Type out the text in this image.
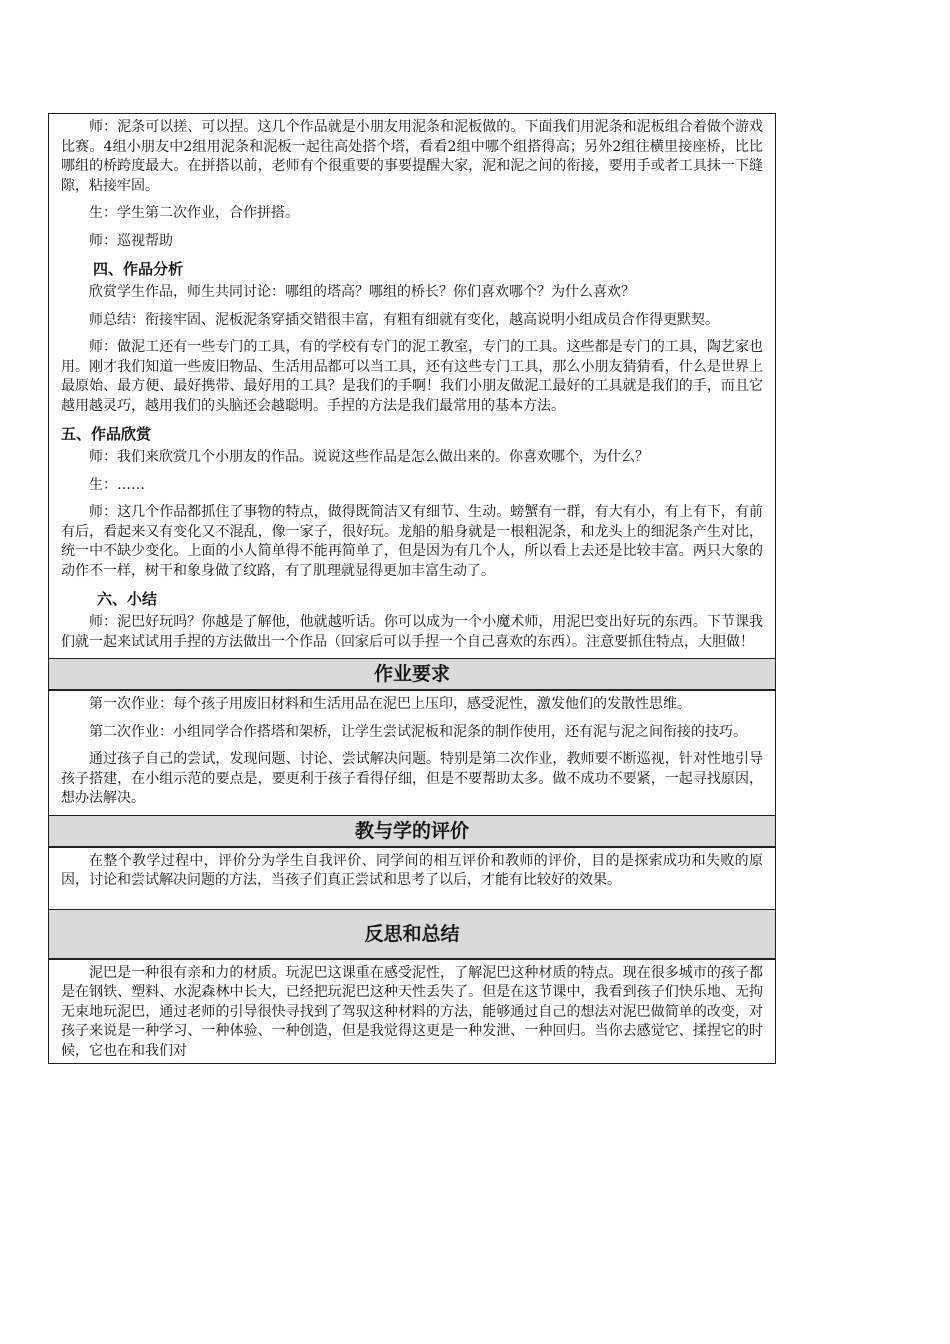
师：泥条可以搓、可以捏。这几个作品就是小朋友用泥条和泥板做的。下面我们用泥条和泥板组合着做个游戏比赛。4组小朋友中2组用泥条和泥板一起往高处搭个塔，看看2组中哪个组搭得高；另外2组往横里接座桥，比比哪组的桥跨度最大。在拼搭以前，老师有个很重要的事要提醒大家，泥和泥之间的衔接，要用手或者工具抹一下缝隙，粘接牢固。

生：学生第二次作业，合作拼搭。

师：巡视帮助

四、作品分析

欣赏学生作品，师生共同讨论：哪组的塔高？哪组的桥长？你们喜欢哪个？为什么喜欢？

师总结：衔接牢固、泥板泥条穿插交错很丰富，有粗有细就有变化，越高说明小组成员合作得更默契。

师：做泥工还有一些专门的工具，有的学校有专门的泥工教室，专门的工具。这些都是专门的工具，陶艺家也用。刚才我们知道一些废旧物品、生活用品都可以当工具，还有这些专门工具，那么小朋友猜猜看，什么是世界上最原始、最方便、最好携带、最好用的工具？是我们的手啊！我们小朋友做泥工最好的工具就是我们的手，而且它越用越灵巧，越用我们的头脑还会越聪明。手捏的方法是我们最常用的基本方法。

五、作品欣赏

师：我们来欣赏几个小朋友的作品。说说这些作品是怎么做出来的。你喜欢哪个，为什么？

生：……

师：这几个作品都抓住了事物的特点，做得既简洁又有细节、生动。螃蟹有一群，有大有小，有上有下，有前有后，看起来又有变化又不混乱，像一家子，很好玩。龙船的船身就是一根粗泥条，和龙头上的细泥条产生对比，统一中不缺少变化。上面的小人简单得不能再简单了，但是因为有几个人，所以看上去还是比较丰富。两只大象的动作不一样，树干和象身做了纹路，有了肌理就显得更加丰富生动了。

六、小结

师：泥巴好玩吗？你越是了解他，他就越听话。你可以成为一个小魔术师，用泥巴变出好玩的东西。下节课我们就一起来试试用手捏的方法做出一个作品（回家后可以手捏一个自己喜欢的东西）。注意要抓住特点，大胆做！

作业要求

第一次作业：每个孩子用废旧材料和生活用品在泥巴上压印，感受泥性，激发他们的发散性思维。

第二次作业：小组同学合作搭塔和架桥，让学生尝试泥板和泥条的制作使用，还有泥与泥之间衔接的技巧。

通过孩子自己的尝试，发现问题、讨论、尝试解决问题。特别是第二次作业，教师要不断巡视，针对性地引导孩子搭建，在小组示范的要点是，要更利于孩子看得仔细，但是不要帮助太多。做不成功不要紧，一起寻找原因，想办法解决。

教与学的评价

在整个教学过程中，评价分为学生自我评价、同学间的相互评价和教师的评价，目的是探索成功和失败的原因，讨论和尝试解决问题的方法，当孩子们真正尝试和思考了以后，才能有比较好的效果。

反思和总结

泥巴是一种很有亲和力的材质。玩泥巴这课重在感受泥性，了解泥巴这种材质的特点。现在很多城市的孩子都是在钢铁、塑料、水泥森林中长大，已经把玩泥巴这种天性丢失了。但是在这节课中，我看到孩子们快乐地、无拘无束地玩泥巴，通过老师的引导很快寻找到了驾驭这种材料的方法，能够通过自己的想法对泥巴做简单的改变，对孩子来说是一种学习、一种体验、一种创造，但是我觉得这更是一种发泄、一种回归。当你去感觉它、揉捏它的时候，它也在和我们对
